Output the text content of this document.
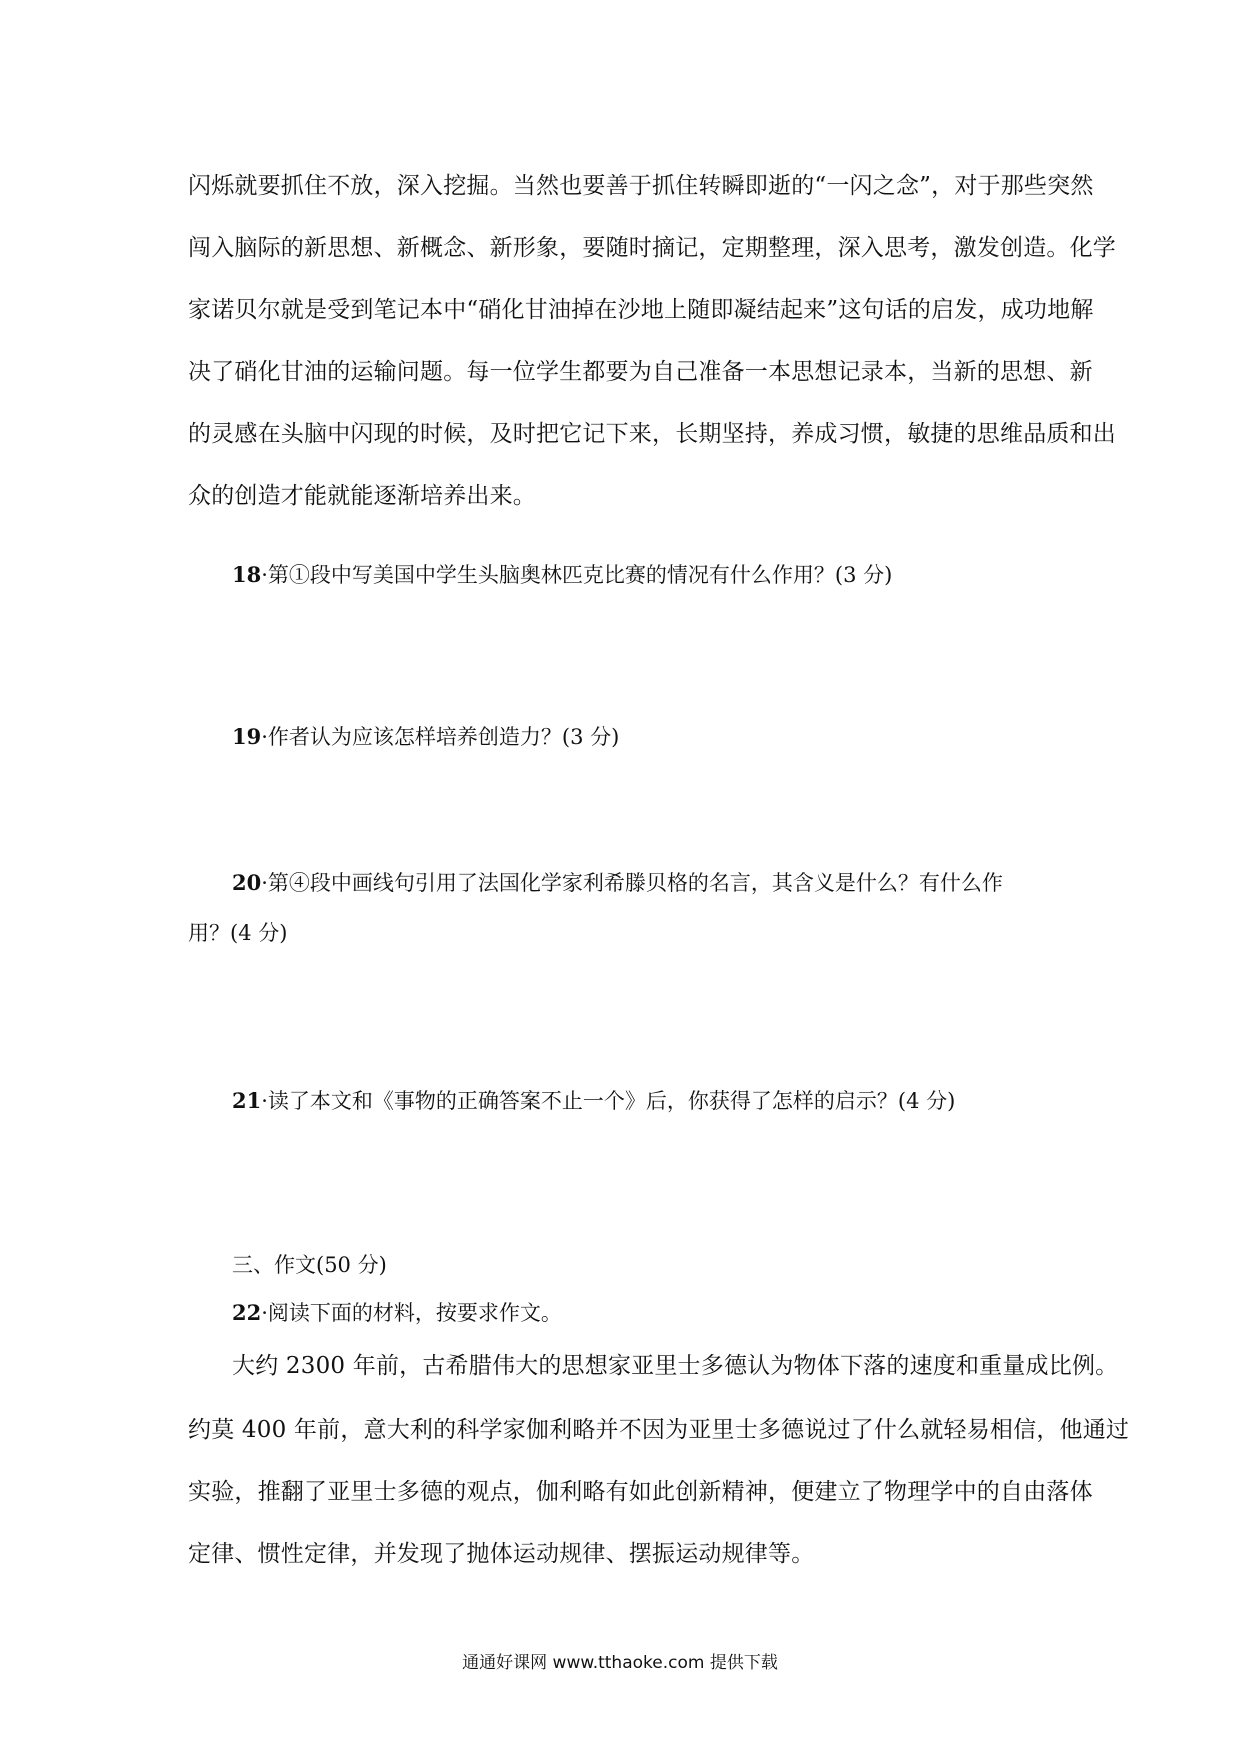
闪烁就要抓住不放，深入挖掘。当然也要善于抓住转瞬即逝的“一闪之念”，对于那些突然
闯入脑际的新思想、新概念、新形象，要随时摘记，定期整理，深入思考，激发创造。化学
家诺贝尔就是受到笔记本中“硝化甘油掉在沙地上随即凝结起来”这句话的启发，成功地解
决了硝化甘油的运输问题。每一位学生都要为自己准备一本思想记录本，当新的思想、新
的灵感在头脑中闪现的时候，及时把它记下来，长期坚持，养成习惯，敏捷的思维品质和出
众的创造才能就能逐渐培养出来。
18·第①段中写美国中学生头脑奥林匹克比赛的情况有什么作用？(3 分)
19·作者认为应该怎样培养创造力？(3 分)
20·第④段中画线句引用了法国化学家利希滕贝格的名言，其含义是什么？有什么作
用？(4 分)
21·读了本文和《事物的正确答案不止一个》后，你获得了怎样的启示？(4 分)
三、作文(50 分)
22·阅读下面的材料，按要求作文。
大约 2300 年前，古希腊伟大的思想家亚里士多德认为物体下落的速度和重量成比例。
约莫 400 年前，意大利的科学家伽利略并不因为亚里士多德说过了什么就轻易相信，他通过
实验，推翻了亚里士多德的观点，伽利略有如此创新精神，便建立了物理学中的自由落体
定律、惯性定律，并发现了抛体运动规律、摆振运动规律等。
通通好课网 www.tthaoke.com 提供下载
